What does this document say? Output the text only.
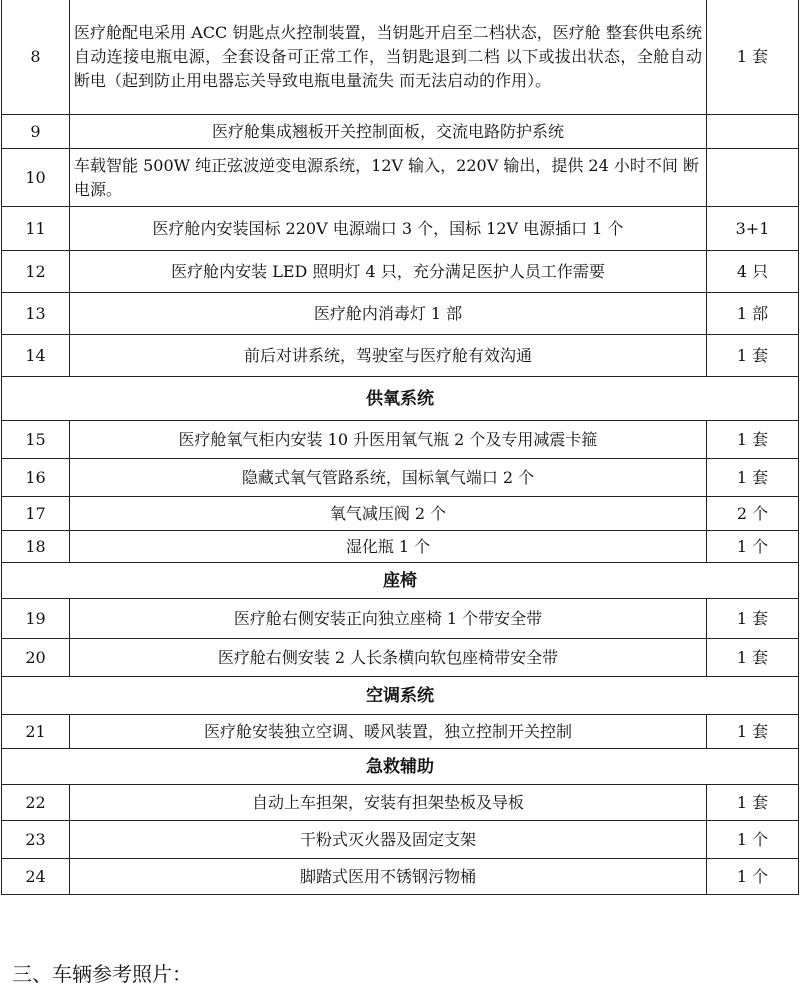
8	医疗舱配电采用 ACC 钥匙点火控制装置，当钥匙开启至二档状态，医疗舱 整套供电系统自动连接电瓶电源，全套设备可正常工作，当钥匙退到二档 以下或拔出状态，全舱自动断电（起到防止用电器忘关导致电瓶电量流失 而无法启动的作用）。	1 套
9	医疗舱集成翘板开关控制面板，交流电路防护系统	
10	车载智能 500W 纯正弦波逆变电源系统，12V 输入，220V 输出，提供 24 小时不间 断电源。	
11	医疗舱内安装国标 220V 电源端口 3 个，国标 12V 电源插口 1 个	3+1
12	医疗舱内安装 LED 照明灯 4 只，充分满足医护人员工作需要	4 只
13	医疗舱内消毒灯 1 部	1 部
14	前后对讲系统，驾驶室与医疗舱有效沟通	1 套
供氧系统		
15	医疗舱氧气柜内安装 10 升医用氧气瓶 2 个及专用减震卡箍	1 套
16	隐藏式氧气管路系统，国标氧气端口 2 个	1 套
17	氧气减压阀 2 个	2 个
18	湿化瓶 1 个	1 个
座椅		
19	医疗舱右侧安装正向独立座椅 1 个带安全带	1 套
20	医疗舱右侧安装 2 人长条横向软包座椅带安全带	1 套
空调系统		
21	医疗舱安装独立空调、暖风装置，独立控制开关控制	1 套
急救辅助		
22	自动上车担架，安装有担架垫板及导板	1 套
23	干粉式灭火器及固定支架	1 个
24	脚踏式医用不锈钢污物桶	1 个
三、车辆参考照片：
